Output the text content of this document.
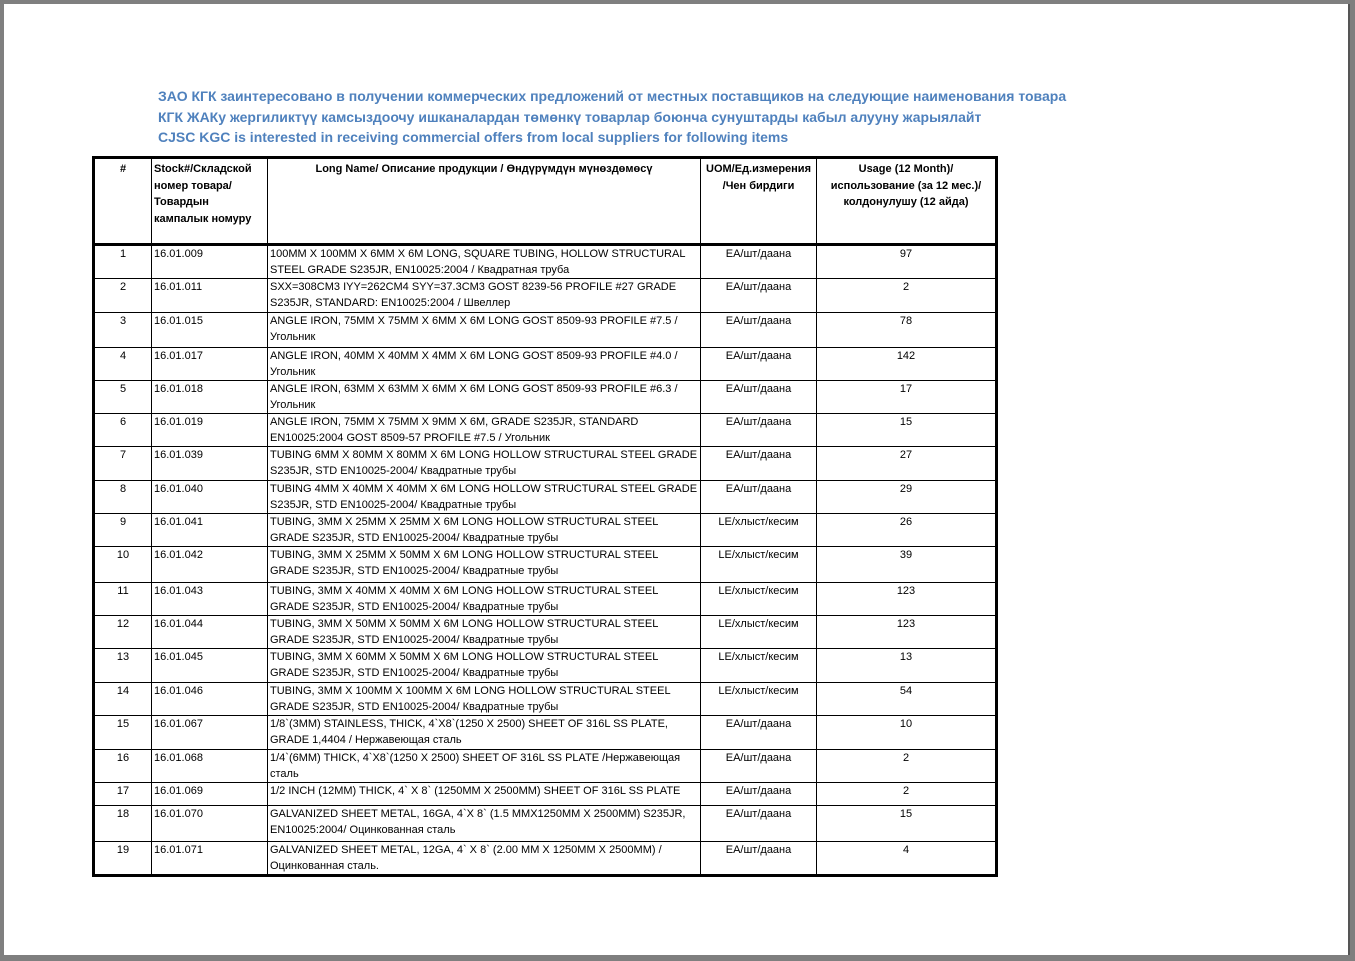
ЗАО КГК заинтересовано в получении коммерческих предложений от местных поставщиков на следующие наименования товара
КГК ЖАКу жергиликтүү камсыздоочу ишканалардан төмөнкү товарлар боюнча сунуштарды кабыл алууну жарыялайт
CJSC KGC is interested in receiving commercial offers from local suppliers for following items
#	Stock#/Складской номер товара/ Товардын кампалык номуру	Long Name/ Описание продукции / Өндүрүмдүн мүнөздөмөсү	UOM/Ед.измерения /Чен бирдиги	Usage (12 Month)/использование (за 12 мес.)/ колдонулушу (12 айда)
1	16.01.009	100MM X 100MM X 6MM X 6M LONG, SQUARE TUBING, HOLLOW STRUCTURAL STEEL GRADE S235JR, EN10025:2004 / Квадратная труба	EA/шт/даана	97
2	16.01.011	SXX=308CM3 IYY=262CM4 SYY=37.3CM3 GOST 8239-56 PROFILE #27 GRADE S235JR, STANDARD: EN10025:2004 / Швеллер	EA/шт/даана	2
3	16.01.015	ANGLE IRON, 75MM X 75MM X 6MM X 6M LONG GOST 8509-93 PROFILE #7.5 / Угольник	EA/шт/даана	78
4	16.01.017	ANGLE IRON, 40MM X 40MM X 4MM X 6M LONG GOST 8509-93 PROFILE #4.0 / Угольник	EA/шт/даана	142
5	16.01.018	ANGLE IRON, 63MM X 63MM X 6MM X 6M LONG GOST 8509-93 PROFILE #6.3 / Угольник	EA/шт/даана	17
6	16.01.019	ANGLE IRON, 75MM X 75MM X 9MM X 6M, GRADE S235JR, STANDARD EN10025:2004 GOST 8509-57 PROFILE #7.5 / Угольник	EA/шт/даана	15
7	16.01.039	TUBING 6MM X 80MM X 80MM X 6M LONG HOLLOW STRUCTURAL STEEL GRADE S235JR, STD EN10025-2004/ Квадратные трубы	EA/шт/даана	27
8	16.01.040	TUBING 4MM X 40MM X 40MM X 6M LONG HOLLOW STRUCTURAL STEEL GRADE S235JR, STD EN10025-2004/ Квадратные трубы	EA/шт/даана	29
9	16.01.041	TUBING, 3MM X 25MM X 25MM X 6M LONG HOLLOW STRUCTURAL STEEL GRADE S235JR, STD EN10025-2004/ Квадратные трубы	LE/хлыст/кесим	26
10	16.01.042	TUBING, 3MM X 25MM X 50MM X 6M LONG HOLLOW STRUCTURAL STEEL GRADE S235JR, STD EN10025-2004/ Квадратные трубы	LE/хлыст/кесим	39
11	16.01.043	TUBING, 3MM X 40MM X 40MM X 6M LONG HOLLOW STRUCTURAL STEEL GRADE S235JR, STD EN10025-2004/ Квадратные трубы	LE/хлыст/кесим	123
12	16.01.044	TUBING, 3MM X 50MM X 50MM X 6M LONG HOLLOW STRUCTURAL STEEL GRADE S235JR, STD EN10025-2004/ Квадратные трубы	LE/хлыст/кесим	123
13	16.01.045	TUBING, 3MM X 60MM X 50MM X 6M LONG HOLLOW STRUCTURAL STEEL GRADE S235JR, STD EN10025-2004/ Квадратные трубы	LE/хлыст/кесим	13
14	16.01.046	TUBING, 3MM X 100MM X 100MM X 6M LONG HOLLOW STRUCTURAL STEEL GRADE S235JR, STD EN10025-2004/ Квадратные трубы	LE/хлыст/кесим	54
15	16.01.067	1/8`(3MM) STAINLESS, THICK, 4`X8`(1250 X 2500) SHEET OF 316L SS PLATE, GRADE 1,4404 / Нержавеющая сталь	EA/шт/даана	10
16	16.01.068	1/4`(6MM) THICK, 4`X8`(1250 X 2500) SHEET OF 316L SS PLATE /Нержавеющая сталь	EA/шт/даана	2
17	16.01.069	1/2 INCH (12MM) THICK, 4` X 8` (1250MM X 2500MM) SHEET OF 316L SS PLATE	EA/шт/даана	2
18	16.01.070	GALVANIZED SHEET METAL, 16GA, 4`X 8` (1.5 MMX1250MM X 2500MM) S235JR, EN10025:2004/ Оцинкованная сталь	EA/шт/даана	15
19	16.01.071	GALVANIZED SHEET METAL, 12GA, 4` X 8` (2.00 MM X 1250MM X 2500MM) / Оцинкованная сталь.	EA/шт/даана	4
